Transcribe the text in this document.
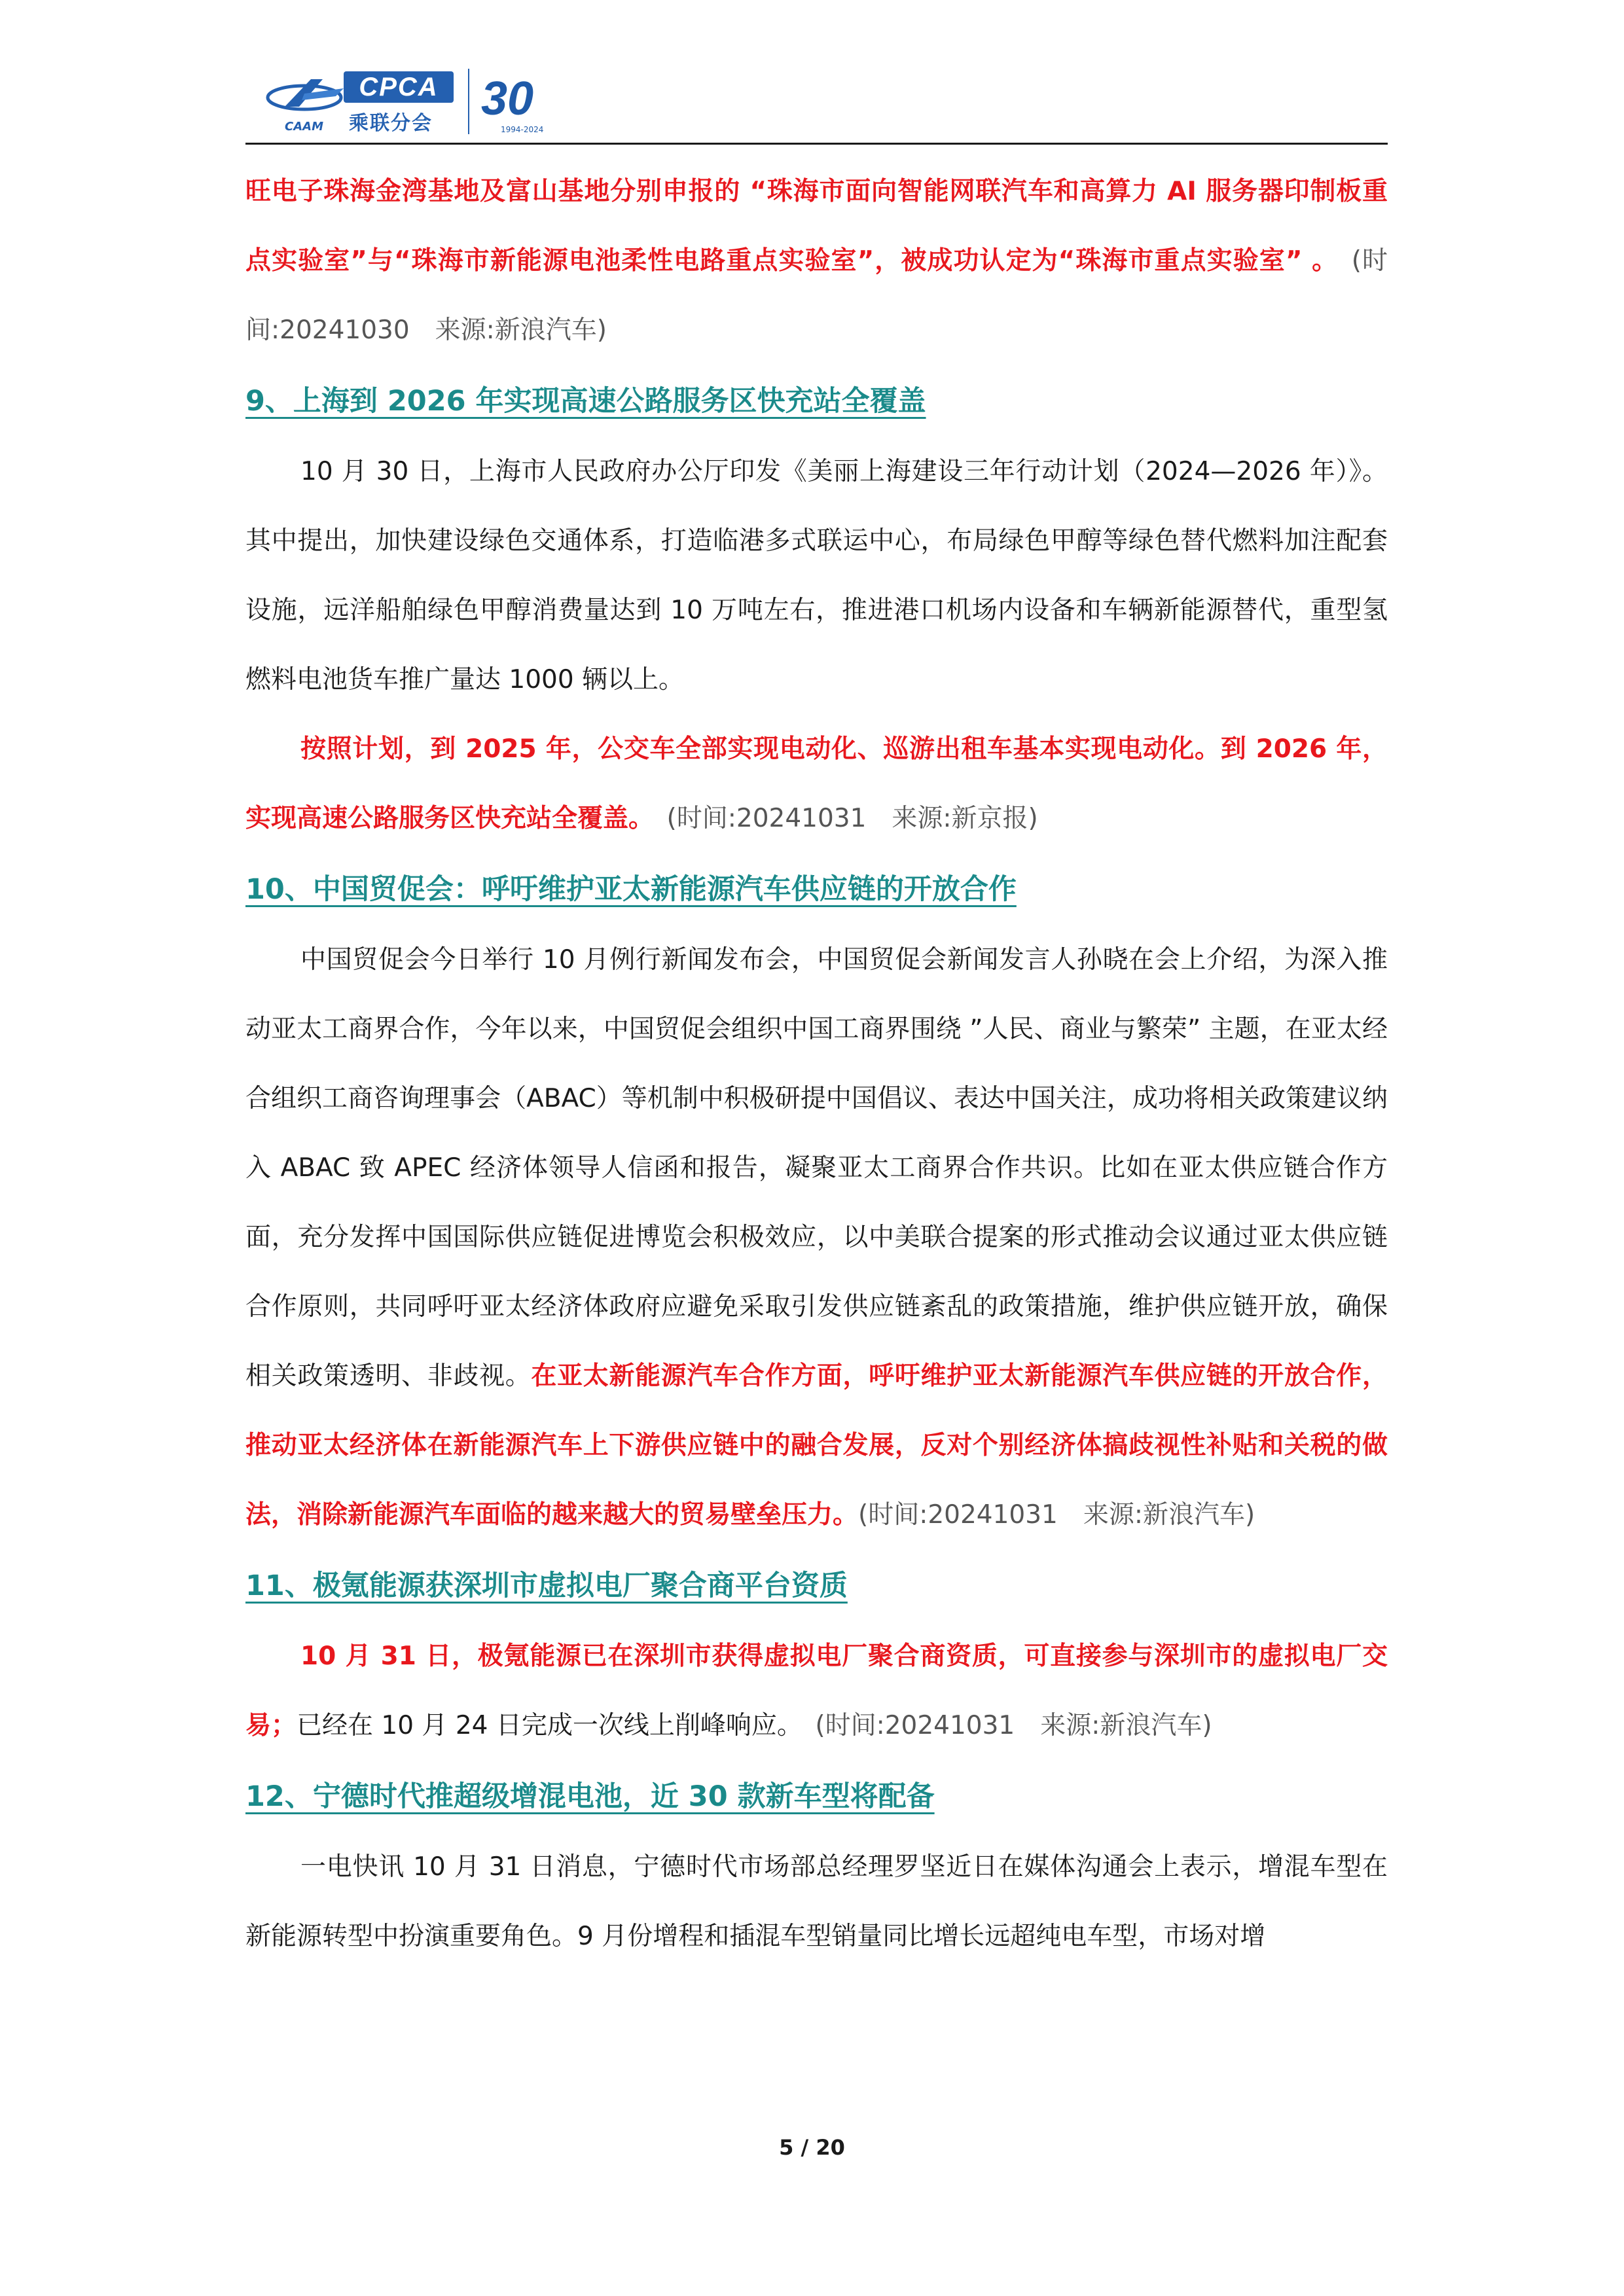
CPCA
乘联分会
CAAM
30
1994-2024

旺电子珠海金湾基地及富山基地分别申报的 “珠海市面向智能网联汽车和高算力 AI 服务器印制板重点实验室”与“珠海市新能源电池柔性电路重点实验室”，被成功认定为“珠海市重点实验室” 。　 (时间:20241030　来源:新浪汽车)

9、上海到 2026 年实现高速公路服务区快充站全覆盖

10 月 30 日，上海市人民政府办公厅印发《美丽上海建设三年行动计划（2024—2026 年）》。其中提出，加快建设绿色交通体系，打造临港多式联运中心，布局绿色甲醇等绿色替代燃料加注配套设施，远洋船舶绿色甲醇消费量达到 10 万吨左右，推进港口机场内设备和车辆新能源替代，重型氢燃料电池货车推广量达 1000 辆以上。

按照计划，到 2025 年，公交车全部实现电动化、巡游出租车基本实现电动化。到 2026 年，实现高速公路服务区快充站全覆盖。　 (时间:20241031　来源:新京报)

10、中国贸促会：呼吁维护亚太新能源汽车供应链的开放合作

中国贸促会今日举行 10 月例行新闻发布会，中国贸促会新闻发言人孙晓在会上介绍，为深入推动亚太工商界合作，今年以来，中国贸促会组织中国工商界围绕 ”人民、商业与繁荣” 主题，在亚太经合组织工商咨询理事会（ABAC）等机制中积极研提中国倡议、表达中国关注，成功将相关政策建议纳入 ABAC 致 APEC 经济体领导人信函和报告，凝聚亚太工商界合作共识。比如在亚太供应链合作方面，充分发挥中国国际供应链促进博览会积极效应，以中美联合提案的形式推动会议通过亚太供应链合作原则，共同呼吁亚太经济体政府应避免采取引发供应链紊乱的政策措施，维护供应链开放，确保相关政策透明、非歧视。在亚太新能源汽车合作方面，呼吁维护亚太新能源汽车供应链的开放合作，推动亚太经济体在新能源汽车上下游供应链中的融合发展，反对个别经济体搞歧视性补贴和关税的做法，消除新能源汽车面临的越来越大的贸易壁垒压力。(时间:20241031　来源:新浪汽车)

11、极氪能源获深圳市虚拟电厂聚合商平台资质

10 月 31 日，极氪能源已在深圳市获得虚拟电厂聚合商资质，可直接参与深圳市的虚拟电厂交易；已经在 10 月 24 日完成一次线上削峰响应。　 (时间:20241031　来源:新浪汽车)

12、宁德时代推超级增混电池，近 30 款新车型将配备

一电快讯 10 月 31 日消息，宁德时代市场部总经理罗坚近日在媒体沟通会上表示，增混车型在新能源转型中扮演重要角色。9 月份增程和插混车型销量同比增长远超纯电车型，市场对增

5 / 20
